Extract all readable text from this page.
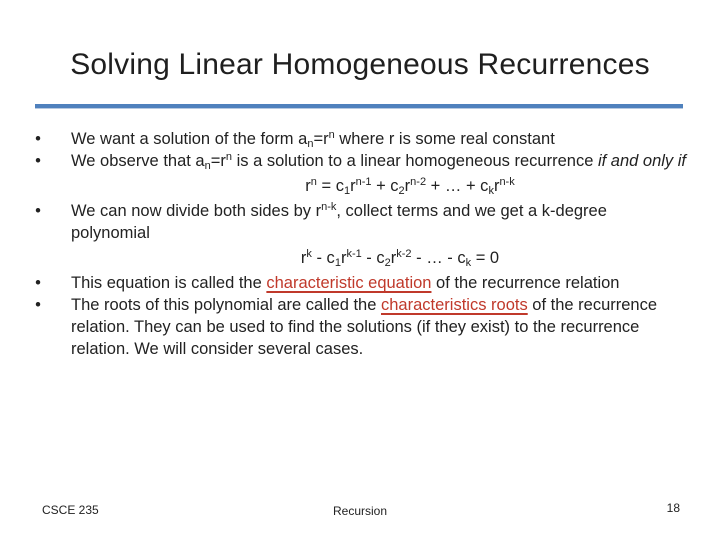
Solving Linear Homogeneous Recurrences

•	We want a solution of the form $a_n=r^n$ where r is some real constant

•	We observe that $a_n=r^n$ is a solution to a linear homogeneous recurrence if and only if

$r^n = c_1r^{n-1} + c_2r^{n-2}$ + … + $c_kr^{n-k}$

•	We can now divide both sides by $r^{n-k}$, collect terms and we get a k-degree polynomial

$r^k - c_1r^{k-1} - c_2r^{k-2}$ - … - $c_k = 0$

•	This equation is called the characteristic equation of the recurrence relation

•	The roots of this polynomial are called the characteristics roots of the recurrence relation. They can be used to find the solutions (if they exist) to the recurrence relation. We will consider several cases.

CSCE 235	Recursion	18
